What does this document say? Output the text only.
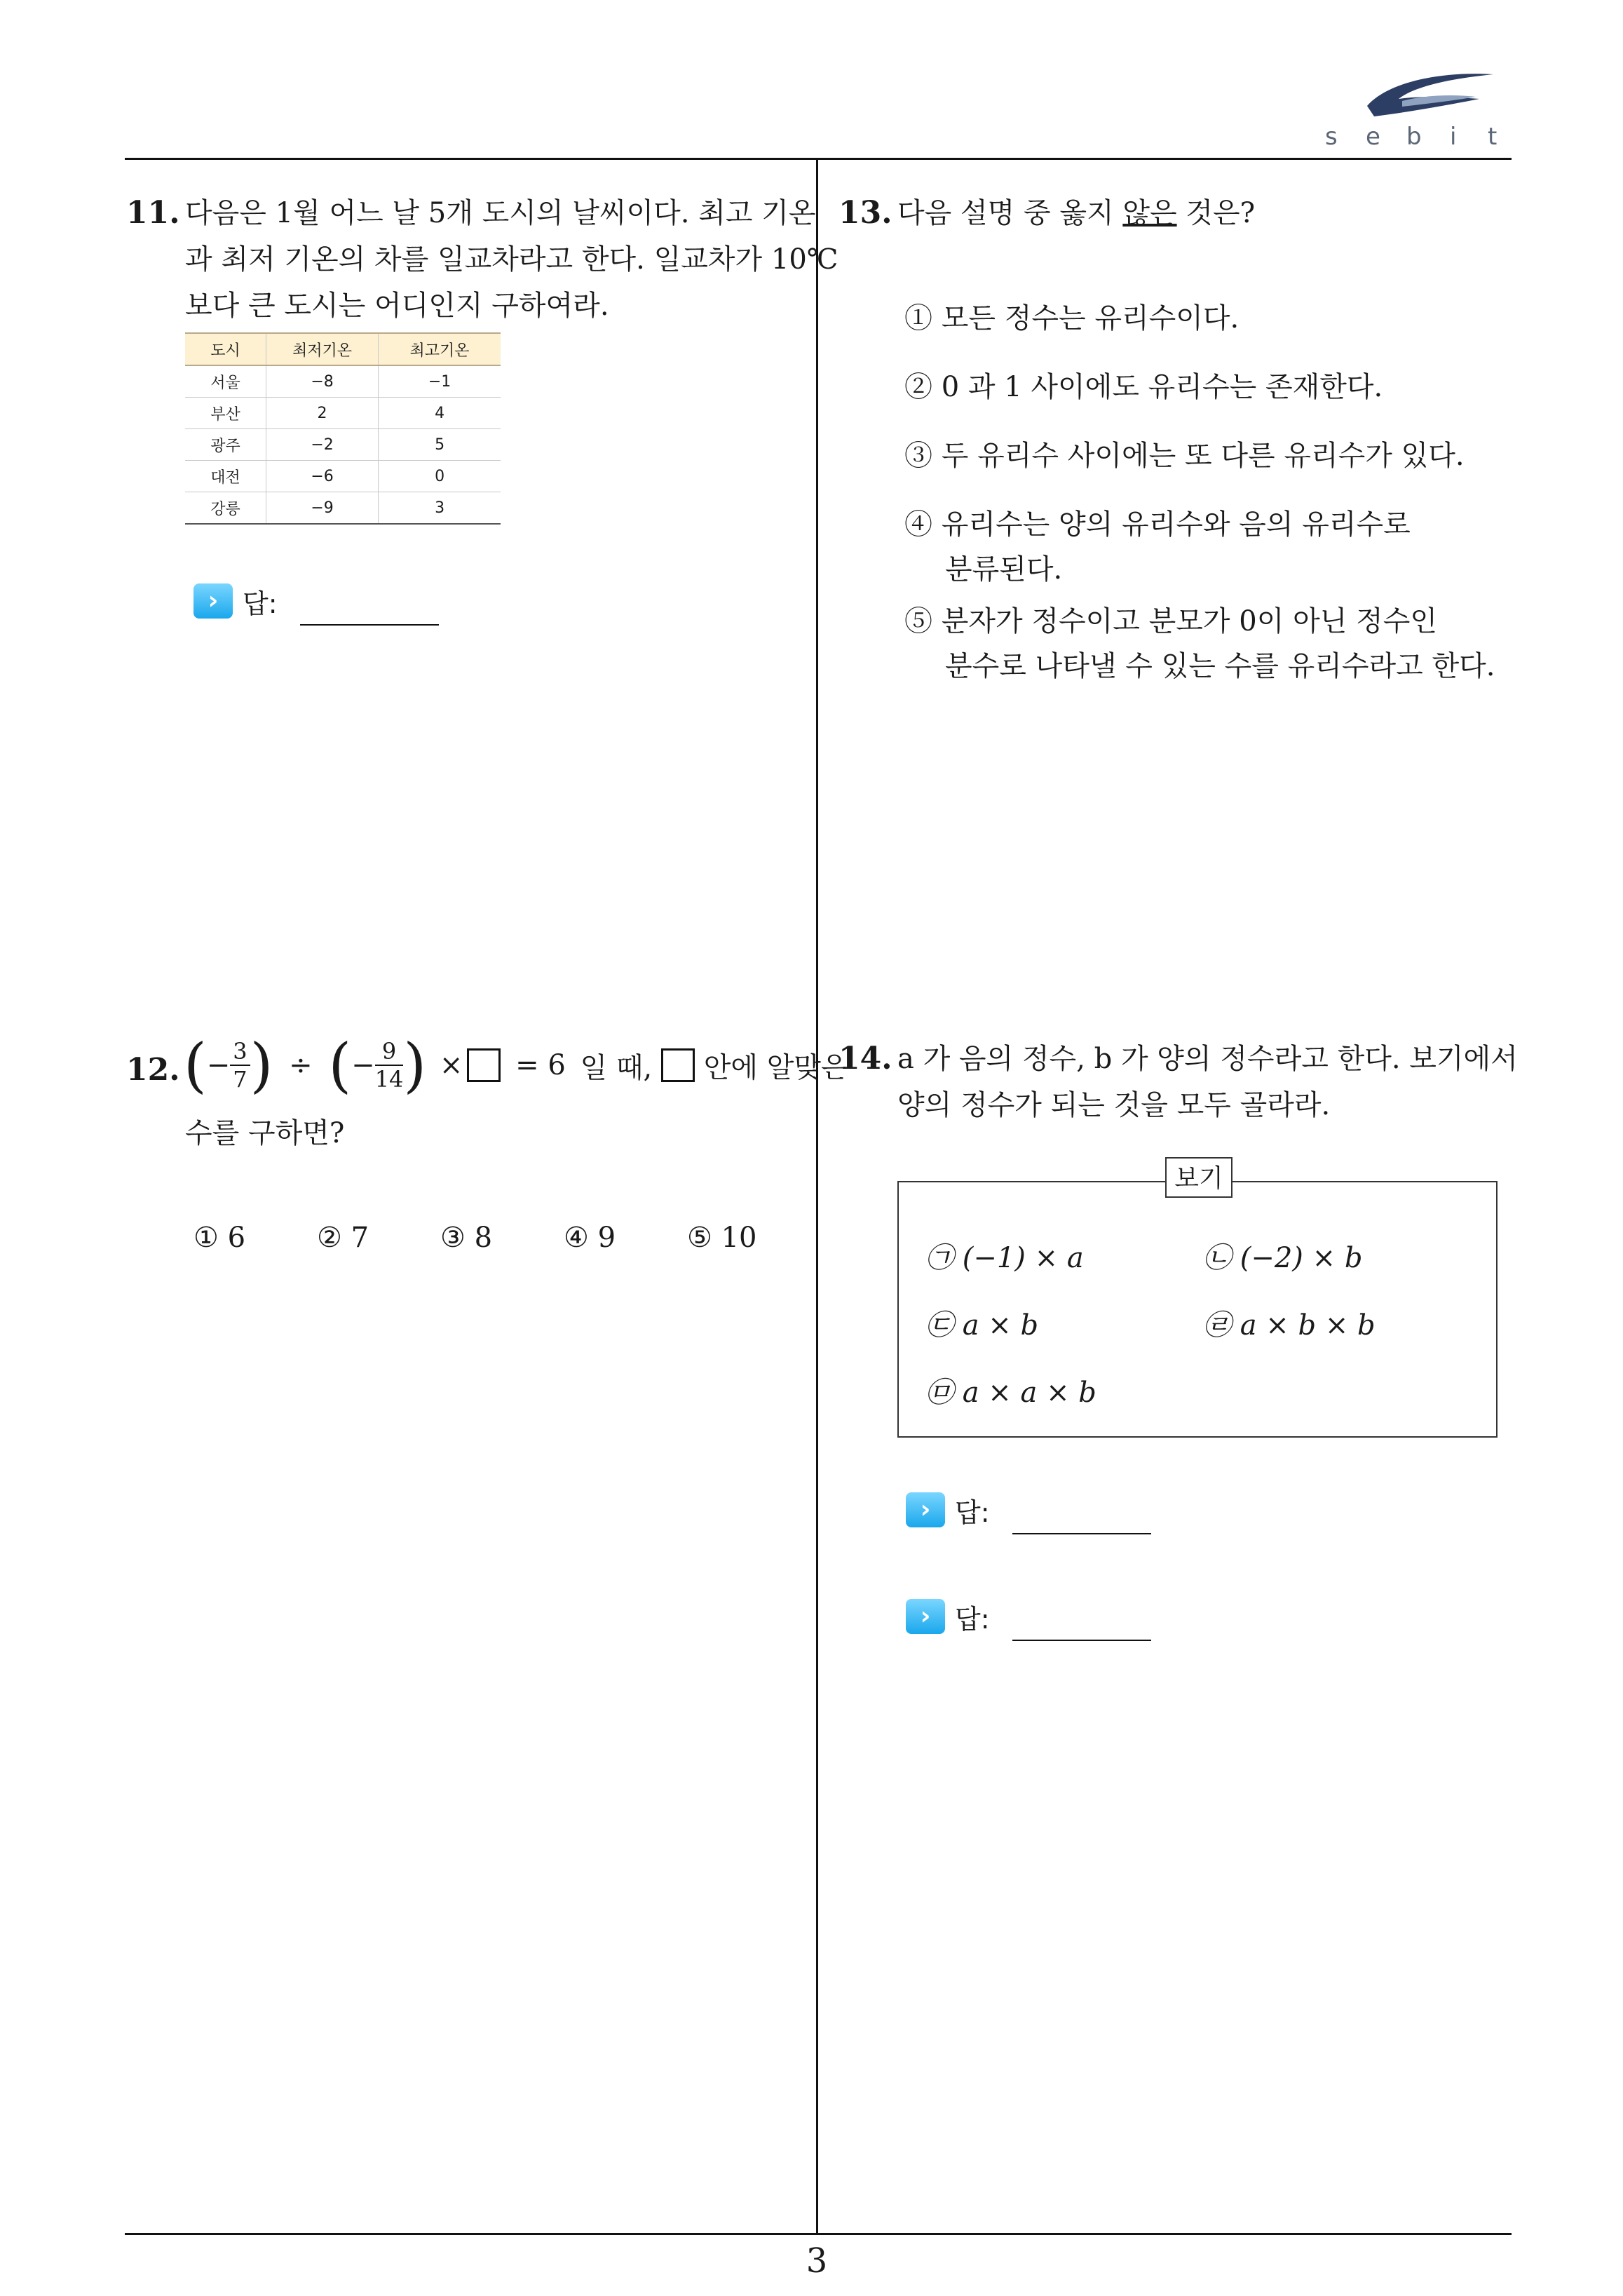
s e b i t
11. 다음은 1월 어느 날 5개 도시의 날씨이다. 최고 기온
과 최저 기온의 차를 일교차라고 한다. 일교차가 10℃
보다 큰 도시는 어디인지 구하여라.
도시	최저기온	최고기온
서울	−8	−1
부산	2	4
광주	−2	5
대전	−6	0
강릉	−9	3
› 답:
13. 다음 설명 중 옳지 않은 것은?
① 모든 정수는 유리수이다.
② 0 과 1 사이에도 유리수는 존재한다.
③ 두 유리수 사이에는 또 다른 유리수가 있다.
④ 유리수는 양의 유리수와 음의 유리수로
분류된다.
⑤ 분자가 정수이고 분모가 0이 아닌 정수인
분수로 나타낼 수 있는 수를 유리수라고 한다.
12. (− $\frac{3}{7}$ ) ÷ (− $\frac{9}{14}$ ) × = 6 일 때, 안에 알맞은
수를 구하면?
① 6	② 7	③ 8	④ 9	⑤ 10
14. a 가 음의 정수, b 가 양의 정수라고 한다. 보기에서
양의 정수가 되는 것을 모두 골라라.
보기
㉠ (−1) × a	㉡ (−2) × b
㉢ a × b	㉣ a × b × b
㉤ a × a × b
› 답:
› 답:
3
